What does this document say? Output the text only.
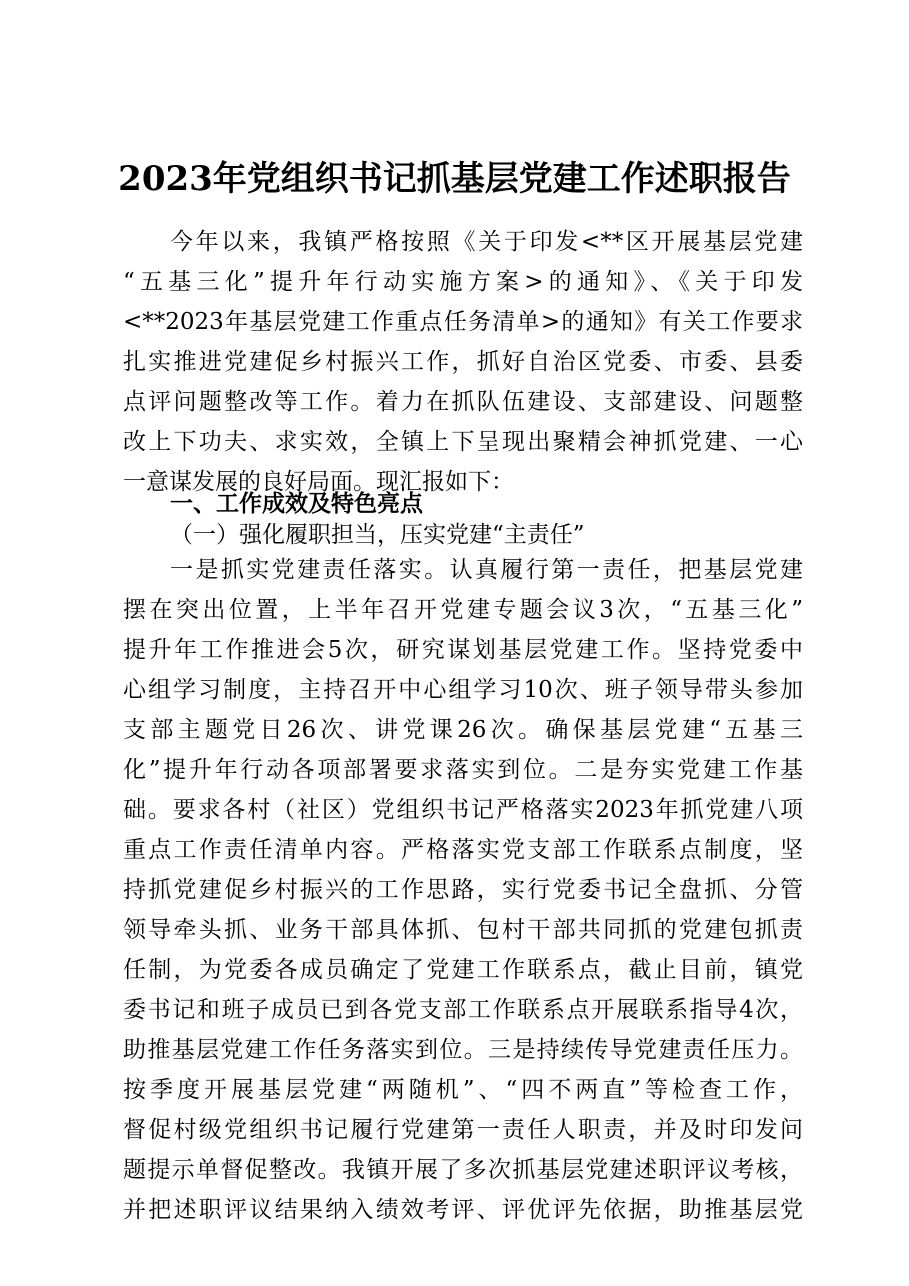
2023年党组织书记抓基层党建工作述职报告
今年以来，我镇严格按照《关于印发<**区开展基层党建
“五基三化”提升年行动实施方案>的通知》、《关于印发
<**2023年基层党建工作重点任务清单>的通知》有关工作要求
扎实推进党建促乡村振兴工作，抓好自治区党委、市委、县委
点评问题整改等工作。着力在抓队伍建设、支部建设、问题整
改上下功夫、求实效，全镇上下呈现出聚精会神抓党建、一心
一意谋发展的良好局面。现汇报如下：
一、工作成效及特色亮点
（一）强化履职担当，压实党建“主责任”
一是抓实党建责任落实。认真履行第一责任，把基层党建
摆在突出位置，上半年召开党建专题会议3次，“五基三化”
提升年工作推进会5次，研究谋划基层党建工作。坚持党委中
心组学习制度，主持召开中心组学习10次、班子领导带头参加
支部主题党日26次、讲党课26次。确保基层党建“五基三
化”提升年行动各项部署要求落实到位。二是夯实党建工作基
础。要求各村（社区）党组织书记严格落实2023年抓党建八项
重点工作责任清单内容。严格落实党支部工作联系点制度，坚
持抓党建促乡村振兴的工作思路，实行党委书记全盘抓、分管
领导牵头抓、业务干部具体抓、包村干部共同抓的党建包抓责
任制，为党委各成员确定了党建工作联系点，截止目前，镇党
委书记和班子成员已到各党支部工作联系点开展联系指导4次，
助推基层党建工作任务落实到位。三是持续传导党建责任压力。
按季度开展基层党建“两随机”、“四不两直”等检查工作，
督促村级党组织书记履行党建第一责任人职责，并及时印发问
题提示单督促整改。我镇开展了多次抓基层党建述职评议考核，
并把述职评议结果纳入绩效考评、评优评先依据，助推基层党
